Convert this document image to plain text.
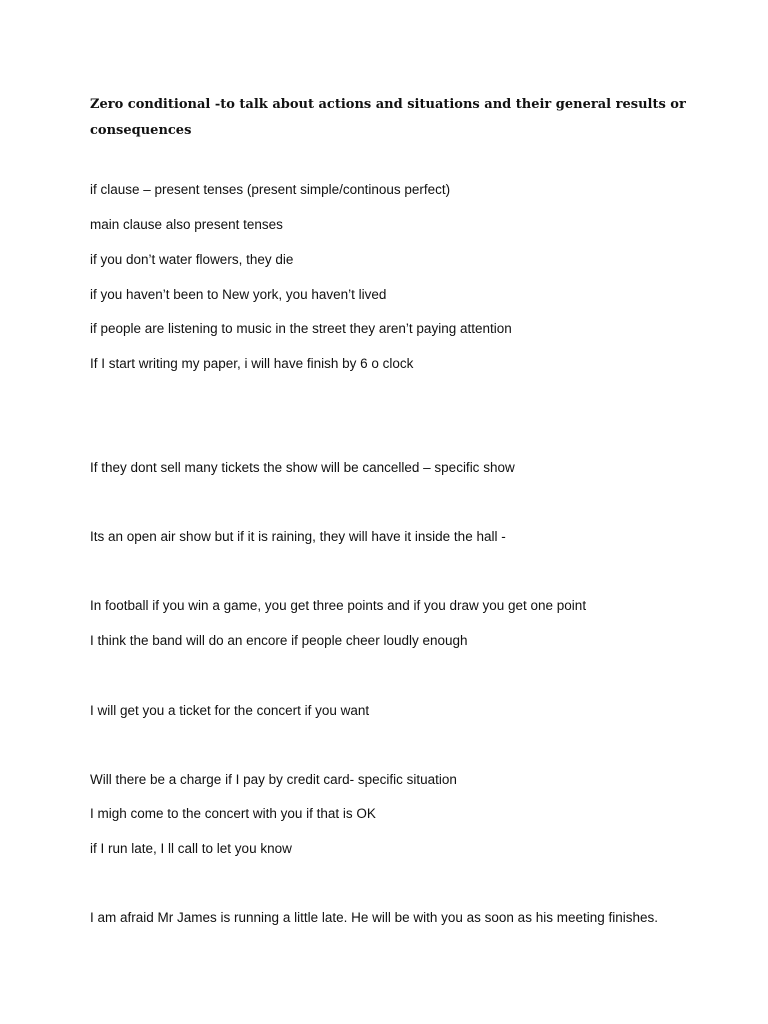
Zero conditional -to talk about actions and situations and their general results or consequences

if clause – present tenses (present simple/continous perfect)

main clause also present tenses

if you don’t water flowers, they die

if you haven’t been to New york, you haven’t lived

if people are listening to music in the street they aren’t paying attention

If I start writing my paper, i will have finish by 6 o clock

If they dont sell many tickets the show will be cancelled – specific show

Its an open air show but if it is raining, they will have it inside the hall -

In football if you win a game, you get three points and if you draw you get one point

I think the band will do an encore if people cheer loudly enough

I will get you a ticket for the concert if you want

Will there be a charge if I pay by credit card- specific situation

I migh come to the concert with you if that is OK

if I run late, I ll call to let you know

I am afraid Mr James is running a little late. He will be with you as soon as his meeting finishes.
